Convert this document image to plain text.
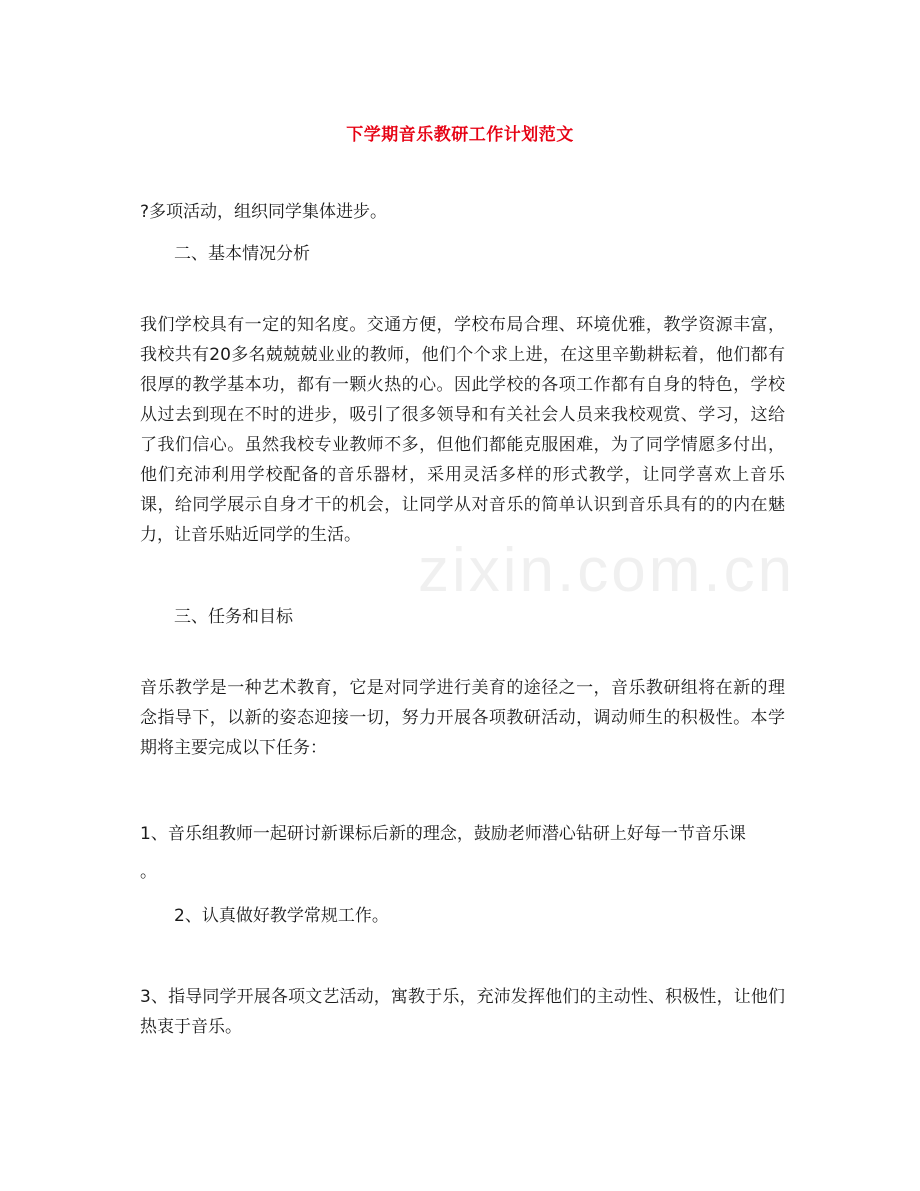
zixin.com.cn
下学期音乐教研工作计划范文
?多项活动，组织同学集体进步。
二、基本情况分析
我们学校具有一定的知名度。交通方便，学校布局合理、环境优雅，教学资源丰富，我校共有20多名兢兢兢业业的教师，他们个个求上进，在这里辛勤耕耘着，他们都有很厚的教学基本功，都有一颗火热的心。因此学校的各项工作都有自身的特色，学校从过去到现在不时的进步，吸引了很多领导和有关社会人员来我校观赏、学习，这给了我们信心。虽然我校专业教师不多，但他们都能克服困难，为了同学情愿多付出，他们充沛利用学校配备的音乐器材，采用灵活多样的形式教学，让同学喜欢上音乐课，给同学展示自身才干的机会，让同学从对音乐的简单认识到音乐具有的的内在魅力，让音乐贴近同学的生活。
三、任务和目标
音乐教学是一种艺术教育，它是对同学进行美育的途径之一，音乐教研组将在新的理念指导下，以新的姿态迎接一切，努力开展各项教研活动，调动师生的积极性。本学期将主要完成以下任务：
1、音乐组教师一起研讨新课标后新的理念，鼓励老师潜心钻研上好每一节音乐课
。
2、认真做好教学常规工作。
3、指导同学开展各项文艺活动，寓教于乐，充沛发挥他们的主动性、积极性，让他们热衷于音乐。
